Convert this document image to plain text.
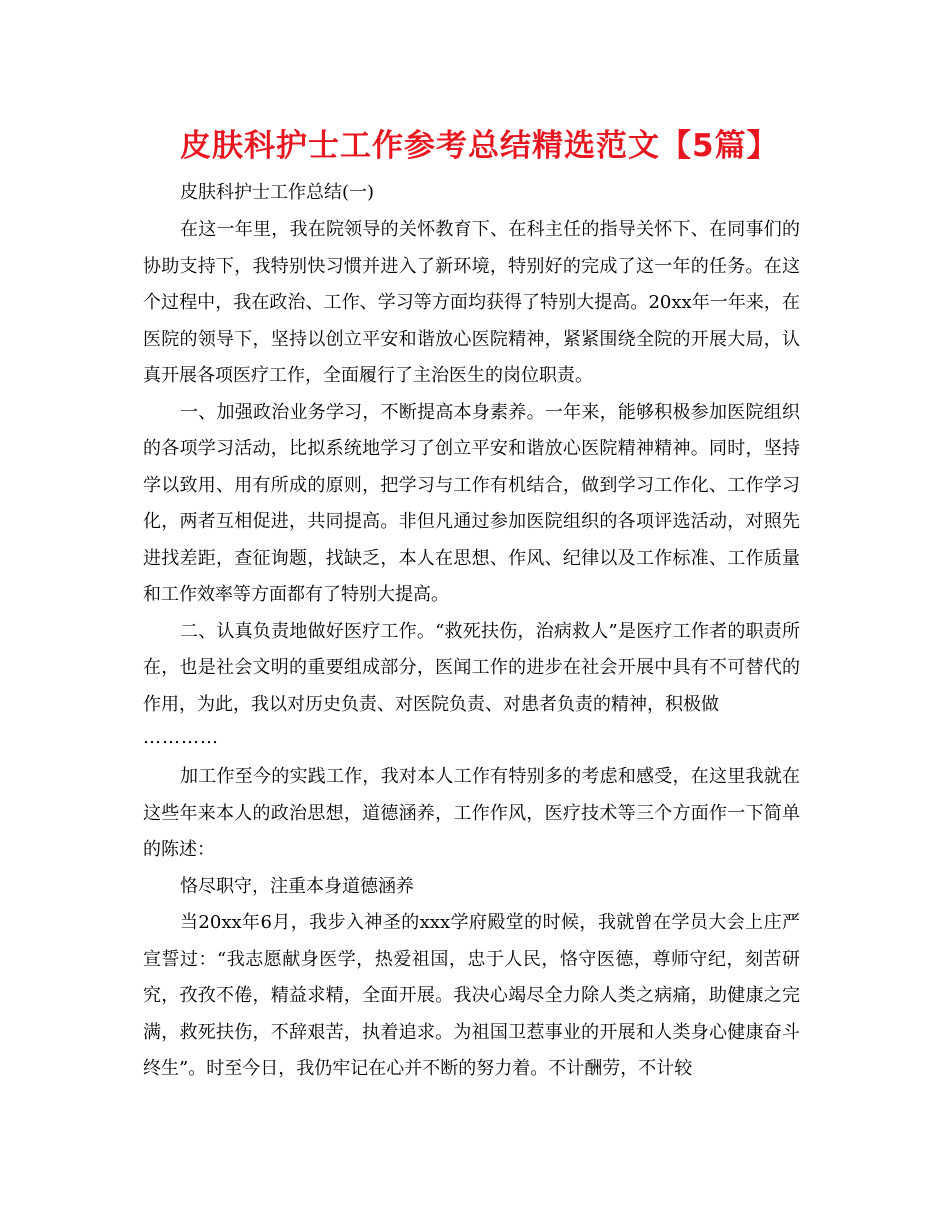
皮肤科护士工作参考总结精选范文【5篇】

皮肤科护士工作总结(一)

在这一年里，我在院领导的关怀教育下、在科主任的指导关怀下、在同事们的协助支持下，我特别快习惯并进入了新环境，特别好的完成了这一年的任务。在这个过程中，我在政治、工作、学习等方面均获得了特别大提高。20xx年一年来，在医院的领导下，坚持以创立平安和谐放心医院精神，紧紧围绕全院的开展大局，认真开展各项医疗工作，全面履行了主治医生的岗位职责。

一、加强政治业务学习，不断提高本身素养。一年来，能够积极参加医院组织的各项学习活动，比拟系统地学习了创立平安和谐放心医院精神精神。同时，坚持学以致用、用有所成的原则，把学习与工作有机结合，做到学习工作化、工作学习化，两者互相促进，共同提高。非但凡通过参加医院组织的各项评选活动，对照先进找差距，查征询题，找缺乏，本人在思想、作风、纪律以及工作标准、工作质量和工作效率等方面都有了特别大提高。

二、认真负责地做好医疗工作。“救死扶伤，治病救人”是医疗工作者的职责所在，也是社会文明的重要组成部分，医闻工作的进步在社会开展中具有不可替代的作用，为此，我以对历史负责、对医院负责、对患者负责的精神，积极做

…………

加工作至今的实践工作，我对本人工作有特别多的考虑和感受，在这里我就在这些年来本人的政治思想，道德涵养，工作作风，医疗技术等三个方面作一下简单的陈述：

恪尽职守，注重本身道德涵养

当20xx年6月，我步入神圣的xxx学府殿堂的时候，我就曾在学员大会上庄严宣誓过：“我志愿献身医学，热爱祖国，忠于人民，恪守医德，尊师守纪，刻苦研究，孜孜不倦，精益求精，全面开展。我决心竭尽全力除人类之病痛，助健康之完满，救死扶伤，不辞艰苦，执着追求。为祖国卫惹事业的开展和人类身心健康奋斗终生”。时至今日，我仍牢记在心并不断的努力着。不计酬劳，不计较
